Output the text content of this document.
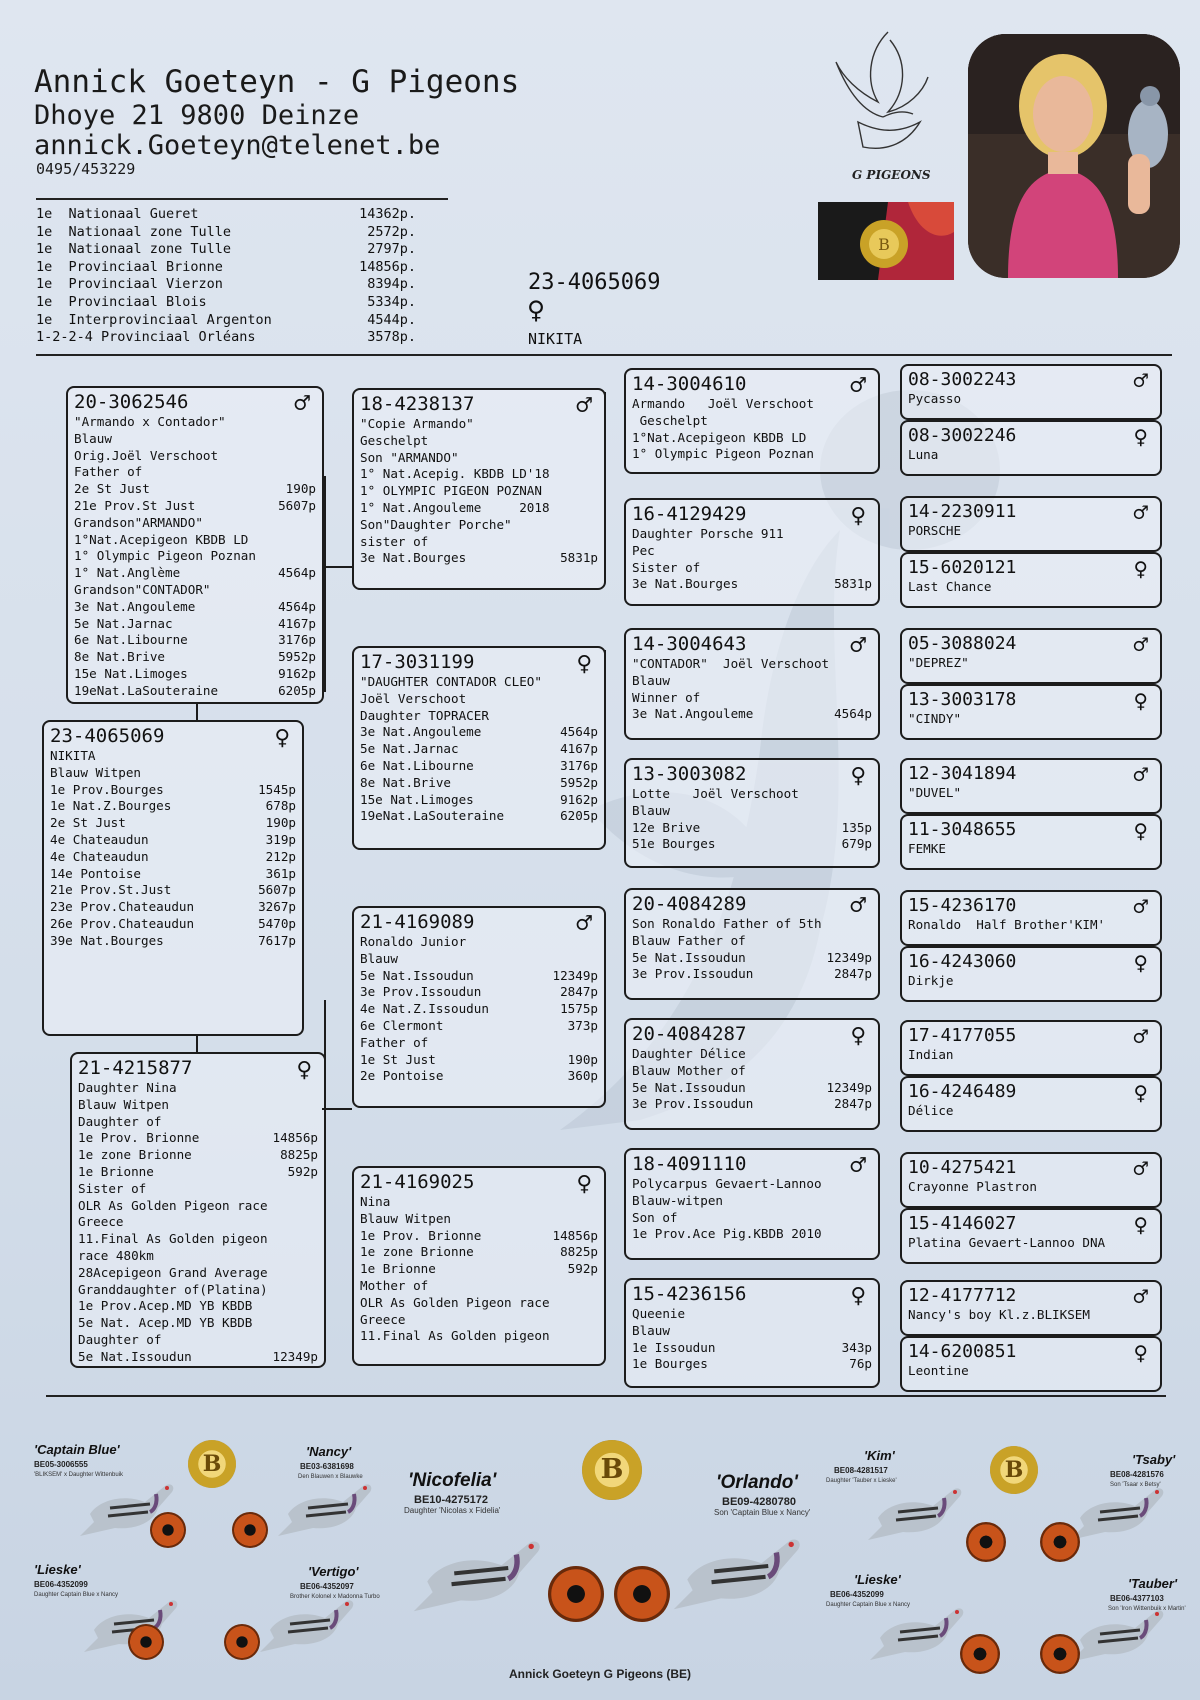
Annick Goeteyn - G Pigeons
Dhoye 21 9800 Deinze
annick.Goeteyn@telenet.be
0495/453229
1e  Nationaal Gueret	14362p.
1e  Nationaal zone Tulle	2572p.
1e  Nationaal zone Tulle	2797p.
1e  Provinciaal Brionne	14856p.
1e  Provinciaal Vierzon	8394p.
1e  Provinciaal Blois	5334p.
1e  Interprovinciaal Argenton	4544p.
1-2-2-4 Provinciaal Orléans	3578p.
23-4065069
♀
NIKITA
G PIGEONS
B
23-4065069	♀
NIKITA
Blauw Witpen
1e Prov.Bourges	1545p
1e Nat.Z.Bourges	678p
2e St Just	190p
4e Chateaudun	319p
4e Chateaudun	212p
14e Pontoise	361p
21e Prov.St.Just	5607p
23e Prov.Chateaudun	3267p
26e Prov.Chateaudun	5470p
39e Nat.Bourges	7617p
20-3062546	♂
"Armando x Contador"
Blauw
Orig.Joël Verschoot
Father of
2e St Just	190p
21e Prov.St Just	5607p
Grandson"ARMANDO"
1°Nat.Acepigeon KBDB LD
1° Olympic Pigeon Poznan
1° Nat.Anglème	4564p
Grandson"CONTADOR"
3e Nat.Angouleme	4564p
5e Nat.Jarnac	4167p
6e Nat.Libourne	3176p
8e Nat.Brive	5952p
15e Nat.Limoges	9162p
19eNat.LaSouteraine	6205p
21-4215877	♀
Daughter Nina
Blauw Witpen
Daughter of
1e Prov. Brionne	14856p
1e zone Brionne	8825p
1e Brionne	592p
Sister of
OLR As Golden Pigeon race
Greece
11.Final As Golden pigeon
race 480km
28Acepigeon Grand Average
Granddaughter of(Platina)
1e Prov.Acep.MD YB KBDB
5e Nat. Acep.MD YB KBDB
Daughter of
5e Nat.Issoudun	12349p
18-4238137	♂
"Copie Armando"
Geschelpt
Son "ARMANDO"
1° Nat.Acepig. KBDB LD'18
1° OLYMPIC PIGEON POZNAN
1° Nat.Angouleme     2018
Son"Daughter Porche"
sister of
3e Nat.Bourges	5831p
17-3031199	♀
"DAUGHTER CONTADOR CLEO"
Joël Verschoot
Daughter TOPRACER
3e Nat.Angouleme	4564p
5e Nat.Jarnac	4167p
6e Nat.Libourne	3176p
8e Nat.Brive	5952p
15e Nat.Limoges	9162p
19eNat.LaSouteraine	6205p
21-4169089	♂
Ronaldo Junior
Blauw
5e Nat.Issoudun	12349p
3e Prov.Issoudun	2847p
4e Nat.Z.Issoudun	1575p
6e Clermont	373p
Father of
1e St Just	190p
2e Pontoise	360p
21-4169025	♀
Nina
Blauw Witpen
1e Prov. Brionne	14856p
1e zone Brionne	8825p
1e Brionne	592p
Mother of
OLR As Golden Pigeon race
Greece
11.Final As Golden pigeon
14-3004610	♂
Armando   Joël Verschoot
Geschelpt
1°Nat.Acepigeon KBDB LD
1° Olympic Pigeon Poznan
16-4129429	♀
Daughter Porsche 911
Pec
Sister of
3e Nat.Bourges	5831p
14-3004643	♂
"CONTADOR"  Joël Verschoot
Blauw
Winner of
3e Nat.Angouleme	4564p
13-3003082	♀
Lotte   Joël Verschoot
Blauw
12e Brive	135p
51e Bourges	679p
20-4084289	♂
Son Ronaldo Father of 5th
Blauw Father of
5e Nat.Issoudun	12349p
3e Prov.Issoudun	2847p
20-4084287	♀
Daughter Délice
Blauw Mother of
5e Nat.Issoudun	12349p
3e Prov.Issoudun	2847p
18-4091110	♂
Polycarpus Gevaert-Lannoo
Blauw-witpen
Son of
1e Prov.Ace Pig.KBDB 2010
15-4236156	♀
Queenie
Blauw
1e Issoudun	343p
1e Bourges	76p
08-3002243	♂
Pycasso
08-3002246	♀
Luna
14-2230911	♂
PORSCHE
15-6020121	♀
Last Chance
05-3088024	♂
"DEPREZ"
13-3003178	♀
"CINDY"
12-3041894	♂
"DUVEL"
11-3048655	♀
FEMKE
15-4236170	♂
Ronaldo  Half Brother'KIM'
16-4243060	♀
Dirkje
17-4177055	♂
Indian
16-4246489	♀
Délice
10-4275421	♂
Crayonne Plastron
15-4146027	♀
Platina Gevaert-Lannoo DNA
12-4177712	♂
Nancy's boy Kl.z.BLIKSEM
14-6200851	♀
Leontine
'Captain Blue'
BE05-3006555
'BLIKSEM' x Daughter Wittenbuik
'Nancy'
BE03-6381698
Den Blauwen x Blauwke
'Lieske'
BE06-4352099
Daughter Captain Blue x Nancy
'Vertigo'
BE06-4352097
Brother Kolonel x Madonna Turbo
'Nicofelia'
BE10-4275172
Daughter 'Nicolas x Fidelia'
'Orlando'
BE09-4280780
Son 'Captain Blue x Nancy'
'Kim'
BE08-4281517
Daughter 'Tauber x Lieske'
'Tsaby'
BE08-4281576
Son 'Tsaar x Betsy'
'Lieske'
BE06-4352099
Daughter Captain Blue x Nancy
'Tauber'
BE06-4377103
Son 'Iron Wittenbuik x Martin'
B	B	B
Annick Goeteyn G Pigeons (BE)
